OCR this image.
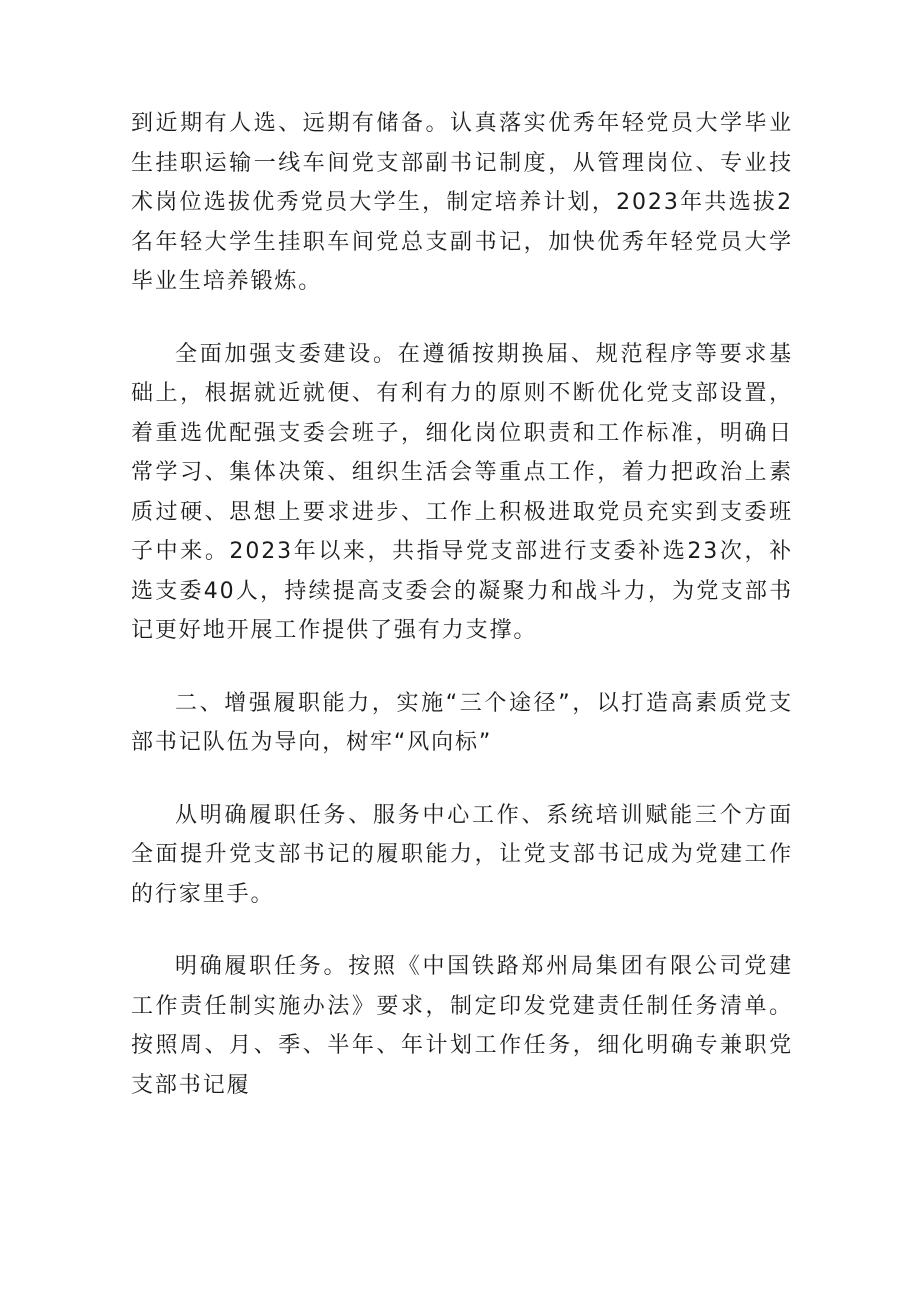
到近期有人选、远期有储备。认真落实优秀年轻党员大学毕业生挂职运输一线车间党支部副书记制度，从管理岗位、专业技术岗位选拔优秀党员大学生，制定培养计划，2023年共选拔2名年轻大学生挂职车间党总支副书记，加快优秀年轻党员大学毕业生培养锻炼。

全面加强支委建设。在遵循按期换届、规范程序等要求基础上，根据就近就便、有利有力的原则不断优化党支部设置，着重选优配强支委会班子，细化岗位职责和工作标准，明确日常学习、集体决策、组织生活会等重点工作，着力把政治上素质过硬、思想上要求进步、工作上积极进取党员充实到支委班子中来。2023年以来，共指导党支部进行支委补选23次，补选支委40人，持续提高支委会的凝聚力和战斗力，为党支部书记更好地开展工作提供了强有力支撑。

二、增强履职能力，实施“三个途径”，以打造高素质党支部书记队伍为导向，树牢“风向标”

从明确履职任务、服务中心工作、系统培训赋能三个方面全面提升党支部书记的履职能力，让党支部书记成为党建工作的行家里手。

明确履职任务。按照《中国铁路郑州局集团有限公司党建工作责任制实施办法》要求，制定印发党建责任制任务清单。按照周、月、季、半年、年计划工作任务，细化明确专兼职党支部书记履
